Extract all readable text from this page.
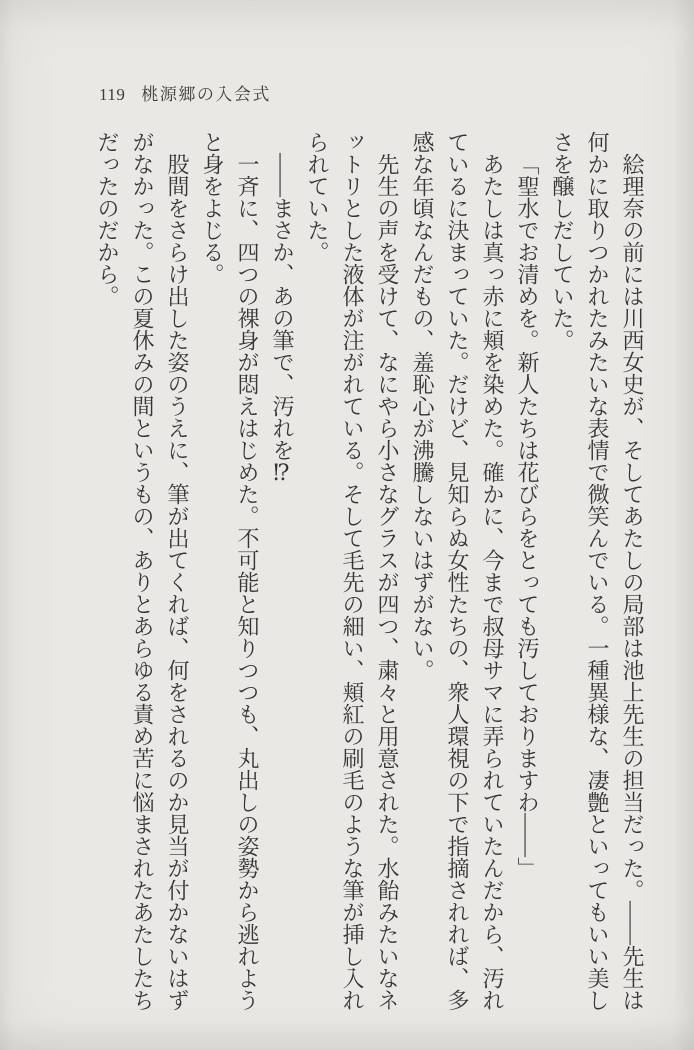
119 桃源郷の入会式

絵理奈の前には川西女史が、そしてあたしの局部は池上先生の担当だった。——先生は何かに取りつかれたみたいな表情で微笑んでいる。一種異様な、凄艶といってもいい美しさを醸しだしていた。

「聖水でお清めを。新人たちは花びらをとっても汚しておりますわ——」

あたしは真っ赤に頬を染めた。確かに、今まで叔母サマに弄られていたんだから、汚れているに決まっていた。だけど、見知らぬ女性たちの、衆人環視の下で指摘されれば、多感な年頃なんだもの、羞恥心が沸騰しないはずがない。

先生の声を受けて、なにやら小さなグラスが四つ、粛々と用意された。水飴みたいなネットリとした液体が注がれている。そして毛先の細い、頬紅の刷毛のような筆が挿し入れられていた。

——まさか、あの筆で、汚れを⁉

一斉に、四つの裸身が悶えはじめた。不可能と知りつつも、丸出しの姿勢から逃れようと身をよじる。

股間をさらけ出した姿のうえに、筆が出てくれば、何をされるのか見当が付かないはずがなかった。この夏休みの間というもの、ありとあらゆる責め苦に悩まされたあたしたちだったのだから。
